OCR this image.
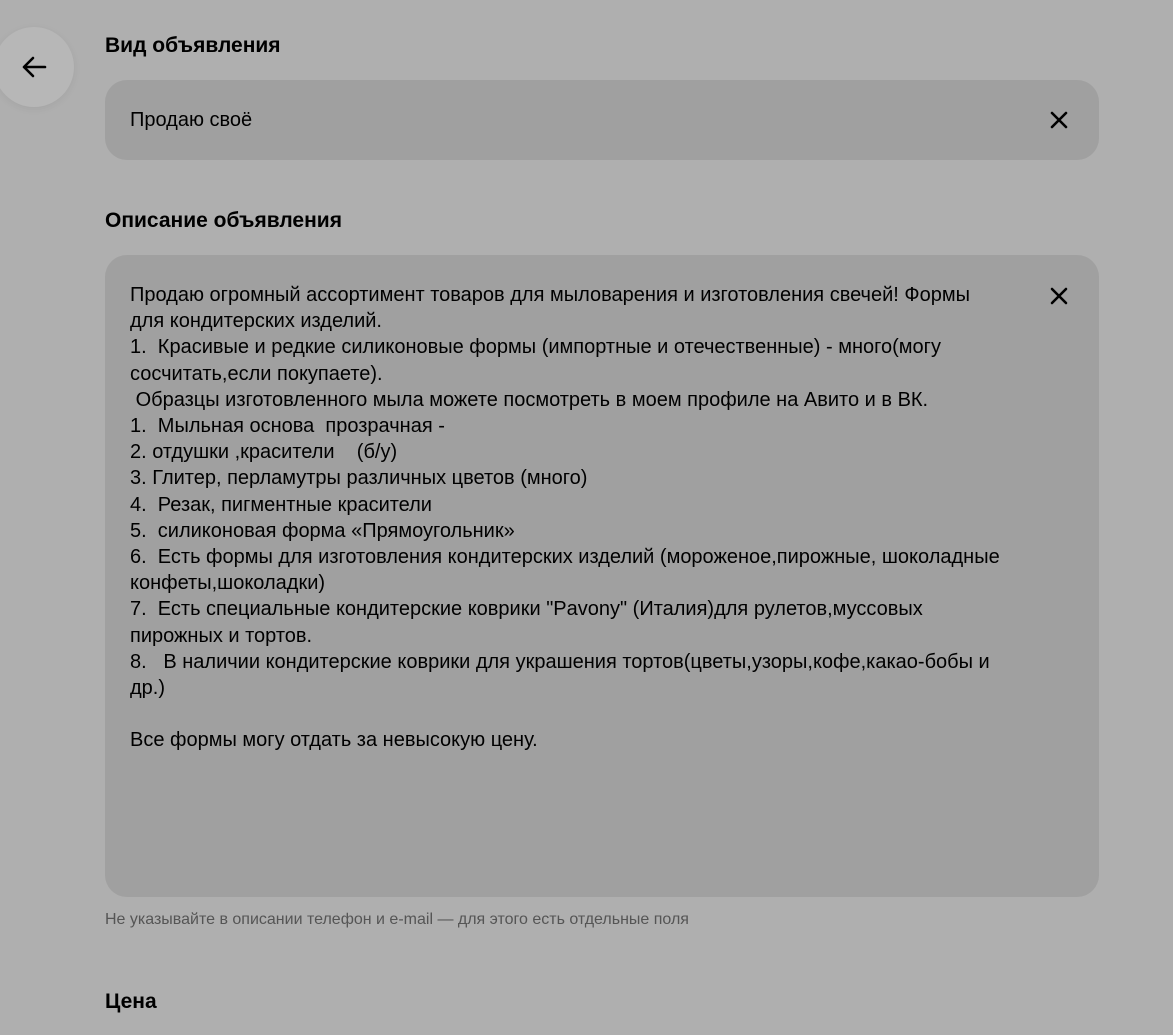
Вид объявления
Продаю своё
Описание объявления

Продаю огромный ассортимент товаров для мыловарения и изготовления свечей! Формы для кондитерских изделий.
1.  Красивые и редкие силиконовые формы (импортные и отечественные) - много(могу сосчитать,если покупаете).
Образцы изготовленного мыла можете посмотреть в моем профиле на Авито и в ВК.
1.  Мыльная основа  прозрачная -
2. отдушки ,красители    (б/у)
3. Глитер, перламутры различных цветов (много)
4.  Резак, пигментные красители
5.  силиконовая форма «Прямоугольник»
6.  Есть формы для изготовления кондитерских изделий (мороженое,пирожные, шоколадные конфеты,шоколадки)
7.  Есть специальные кондитерские коврики "Pavony" (Италия)для рулетов,муссовых пирожных и тортов.
8.   В наличии кондитерские коврики для украшения тортов(цветы,узоры,кофе,какао-бобы и др.)

Все формы могу отдать за невысокую цену.

Не указывайте в описании телефон и e-mail — для этого есть отдельные поля
Цена
